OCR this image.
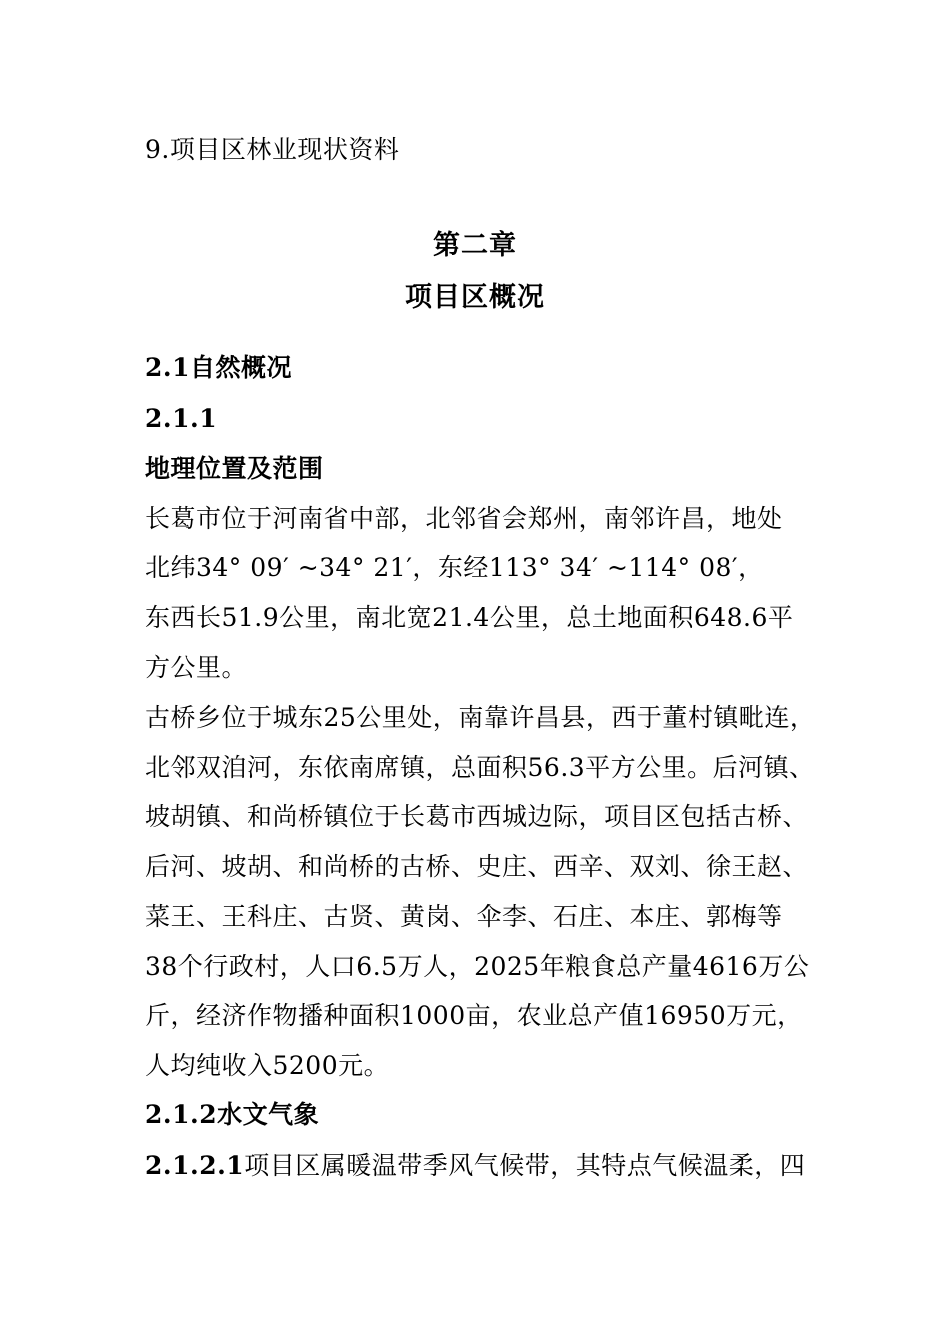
9.项目区林业现状资料
第二章
项目区概况
2.1自然概况
2.1.1
地理位置及范围
长葛市位于河南省中部，北邻省会郑州，南邻许昌，地处
北纬34° 09′ ~34° 21′，东经113° 34′ ~114° 08′，
东西长51.9公里，南北宽21.4公里，总土地面积648.6平
方公里。
古桥乡位于城东25公里处，南靠许昌县，西于董村镇毗连，
北邻双洎河，东依南席镇，总面积56.3平方公里。后河镇、
坡胡镇、和尚桥镇位于长葛市西城边际，项目区包括古桥、
后河、坡胡、和尚桥的古桥、史庄、西辛、双刘、徐王赵、
菜王、王科庄、古贤、黄岗、伞李、石庄、本庄、郭梅等
38个行政村，人口6.5万人，2025年粮食总产量4616万公
斤，经济作物播种面积1000亩，农业总产值16950万元，
人均纯收入5200元。
2.1.2水文气象
2.1.2.1项目区属暖温带季风气候带，其特点气候温柔，四
